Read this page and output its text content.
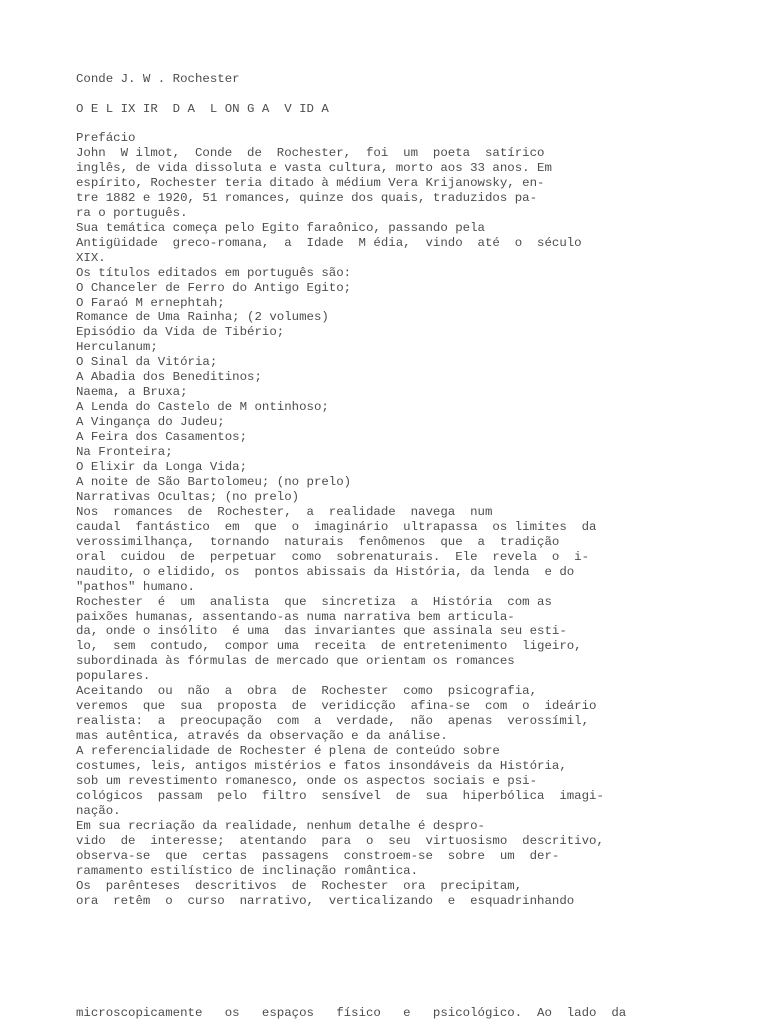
Conde J. W . Rochester
O E L IX IR  D A  L ON G A  V ID A
Prefácio
John  W ilmot,  Conde  de  Rochester,  foi  um  poeta  satírico
inglês, de vida dissoluta e vasta cultura, morto aos 33 anos. Em
espírito, Rochester teria ditado à médium Vera Krijanowsky, en-
tre 1882 e 1920, 51 romances, quinze dos quais, traduzidos pa-
ra o português.
Sua temática começa pelo Egito faraônico, passando pela
Antigüidade  greco-romana,  a  Idade  M édia,  vindo  até  o  século
XIX.
Os títulos editados em português são:
O Chanceler de Ferro do Antigo Egito;
O Faraó M ernephtah;
Romance de Uma Rainha; (2 volumes)
Episódio da Vida de Tibério;
Herculanum;
O Sinal da Vitória;
A Abadia dos Beneditinos;
Naema, a Bruxa;
A Lenda do Castelo de M ontinhoso;
A Vingança do Judeu;
A Feira dos Casamentos;
Na Fronteira;
O Elixir da Longa Vida;
A noite de São Bartolomeu; (no prelo)
Narrativas Ocultas; (no prelo)
Nos  romances  de  Rochester,  a  realidade  navega  num
caudal  fantástico  em  que  o  imaginário  ultrapassa  os limites  da
verossimilhança,  tornando  naturais  fenômenos  que  a  tradição
oral  cuidou  de  perpetuar  como  sobrenaturais.  Ele  revela  o  i-
naudito, o elidido, os  pontos abissais da História, da lenda  e do
"pathos" humano.
Rochester  é  um  analista  que  sincretiza  a  História  com as
paixões humanas, assentando-as numa narrativa bem articula-
da, onde o insólito  é uma  das invariantes que assinala seu esti-
lo,  sem  contudo,  compor uma  receita  de entretenimento  ligeiro,
subordinada às fórmulas de mercado que orientam os romances
populares.
Aceitando  ou  não  a  obra  de  Rochester  como  psicografia,
veremos  que  sua  proposta  de  veridicção  afina-se  com  o  ideário
realista:  a  preocupação  com  a  verdade,  não  apenas  verossímil,
mas autêntica, através da observação e da análise.
A referencialidade de Rochester é plena de conteúdo sobre
costumes, leis, antigos mistérios e fatos insondáveis da História,
sob um revestimento romanesco, onde os aspectos sociais e psi-
cológicos  passam  pelo  filtro  sensível  de  sua  hiperbólica  imagi-
nação.
Em sua recriação da realidade, nenhum detalhe é despro-
vido  de  interesse;  atentando  para  o  seu  virtuosismo  descritivo,
observa-se  que  certas  passagens  constroem-se  sobre  um  der-
ramamento estilístico de inclinação romântica.
Os  parênteses  descritivos  de  Rochester  ora  precipitam,
ora  retêm  o  curso  narrativo,  verticalizando  e  esquadrinhando
microscopicamente   os   espaços   físico   e   psicológico.  Ao  lado  da
